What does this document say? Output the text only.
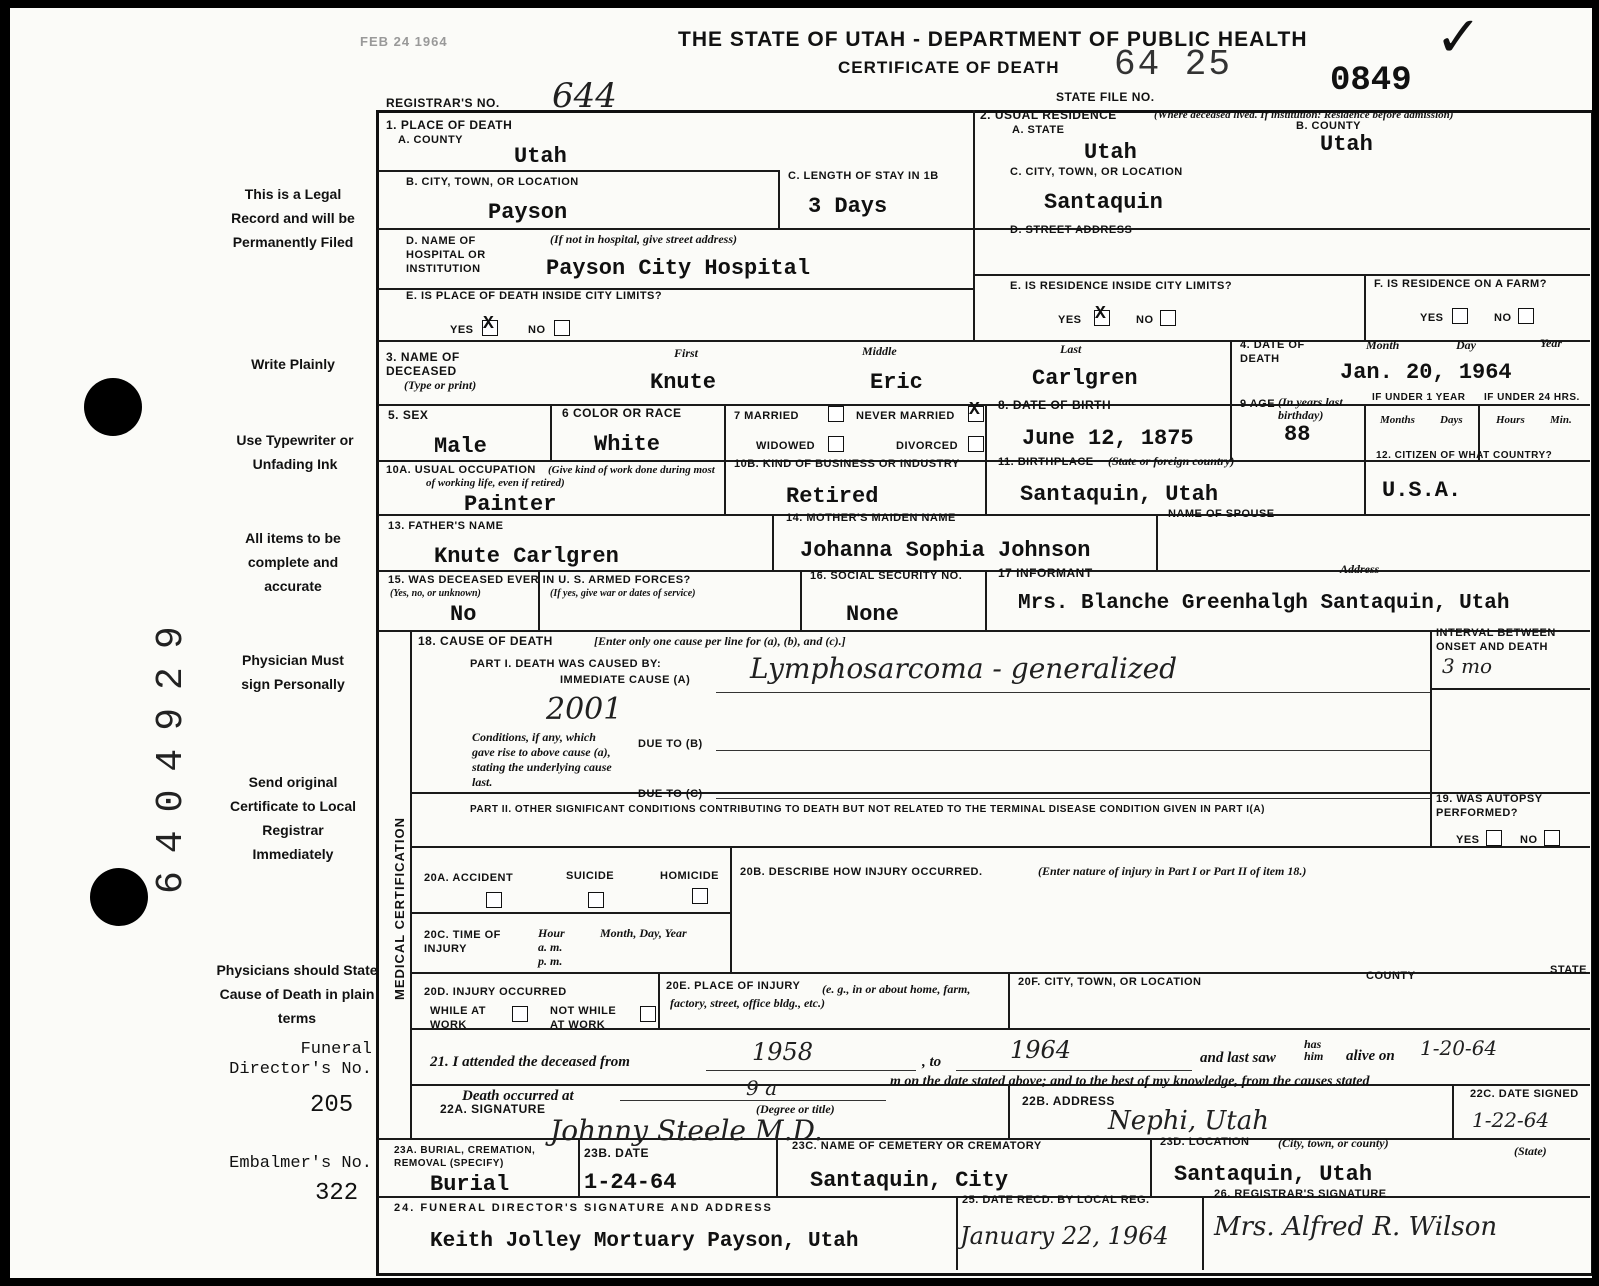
FEB 24 1964	THE STATE OF UTAH - DEPARTMENT OF PUBLIC HEALTH
CERTIFICATE OF DEATH 64 25	0849
✓
STATE FILE NO.
REGISTRAR'S NO. 644
This is a Legal Record and will be Permanently Filed
Write Plainly
Use Typewriter or Unfading Ink
All items to be complete and accurate
Physician Must sign Personally
Send original Certificate to Local Registrar Immediately
Physicians should State Cause of Death in plain terms
Funeral Director's No.
205
Embalmer's No.
322
6404929
1. PLACE OF DEATH
A. COUNTY
Utah
2. USUAL RESIDENCE	(Where deceased lived. If institution: Residence before admission)
A. STATE	B. COUNTY
Utah	Utah
B. CITY, TOWN, OR LOCATION
Payson
C. LENGTH OF STAY IN 1B
3 Days
C. CITY, TOWN, OR LOCATION
Santaquin
D. NAME OF HOSPITAL OR INSTITUTION
(If not in hospital, give street address)
Payson City Hospital
D. STREET ADDRESS
E. IS PLACE OF DEATH INSIDE CITY LIMITS?
YES X	NO
E. IS RESIDENCE INSIDE CITY LIMITS?
YES X	NO
F. IS RESIDENCE ON A FARM?
YES	NO
3. NAME OF DECEASED
(Type or print)
First	Middle	Last
Knute	Eric	Carlgren
4. DATE OF DEATH
Month	Day	Year
Jan. 20, 1964
5. SEX
Male
6 COLOR OR RACE
White
7 MARRIED	NEVER MARRIED X
WIDOWED	DIVORCED
8. DATE OF BIRTH
June 12, 1875
9 AGE (In years last birthday)
88
IF UNDER 1 YEAR IF UNDER 24 HRS.
Months Days	Hours Min.
10A. USUAL OCCUPATION	(Give kind of work done during most of working life, even if retired)
Painter
10B. KIND OF BUSINESS OR INDUSTRY
Retired
11. BIRTHPLACE (State or foreign country)
Santaquin, Utah
12. CITIZEN OF WHAT COUNTRY?
U.S.A.
13. FATHER'S NAME
Knute Carlgren
14. MOTHER'S MAIDEN NAME
Johanna Sophia Johnson
NAME OF SPOUSE
15. WAS DECEASED EVER IN U. S. ARMED FORCES?
(Yes, no, or unknown)	(If yes, give war or dates of service)
No
16. SOCIAL SECURITY NO.
None
17 INFORMANT	Address
Mrs. Blanche Greenhalgh Santaquin, Utah
MEDICAL CERTIFICATION
18. CAUSE OF DEATH	[Enter only one cause per line for (a), (b), and (c).]
INTERVAL BETWEEN ONSET AND DEATH
PART I. DEATH WAS CAUSED BY:
IMMEDIATE CAUSE (A) Lymphosarcoma - generalized	3 mo
2001
Conditions, if any, which gave rise to above cause (a), stating the underlying cause last.
DUE TO (B)
DUE TO (C)
PART II. OTHER SIGNIFICANT CONDITIONS CONTRIBUTING TO DEATH BUT NOT RELATED TO THE TERMINAL DISEASE CONDITION GIVEN IN PART I(A)
19. WAS AUTOPSY PERFORMED?
YES	NO
20A. ACCIDENT	SUICIDE	HOMICIDE 20B. DESCRIBE HOW INJURY OCCURRED.	(Enter nature of injury in Part I or Part II of item 18.)
20C. TIME OF INJURY
Hour
a. m.
p. m.
Month, Day, Year
20D. INJURY OCCURRED
WHILE AT WORK
NOT WHILE AT WORK
20E. PLACE OF INJURY	(e. g., in or about home, farm, factory, street, office bldg., etc.)
20F. CITY, TOWN, OR LOCATION	COUNTY	STATE
21. I attended the deceased from	1958	, to	1964	and last saw
has him	alive on 1-20-64
Death occurred at	9 a	m on the date stated above; and to the best of my knowledge, from the causes stated
22A. SIGNATURE	(Degree or title)
Johnny Steele M.D.
22B. ADDRESS
Nephi, Utah
22C. DATE SIGNED
1-22-64
(State)
23A. BURIAL, CREMATION, REMOVAL (SPECIFY)
Burial
23B. DATE
1-24-64
23C. NAME OF CEMETERY OR CREMATORY
Santaquin, City
23D. LOCATION (City, town, or county)
Santaquin, Utah
24. FUNERAL DIRECTOR'S SIGNATURE AND ADDRESS
Keith Jolley Mortuary Payson, Utah
25. DATE RECD. BY LOCAL REG.
January 22, 1964
26. REGISTRAR'S SIGNATURE
Mrs. Alfred R. Wilson
